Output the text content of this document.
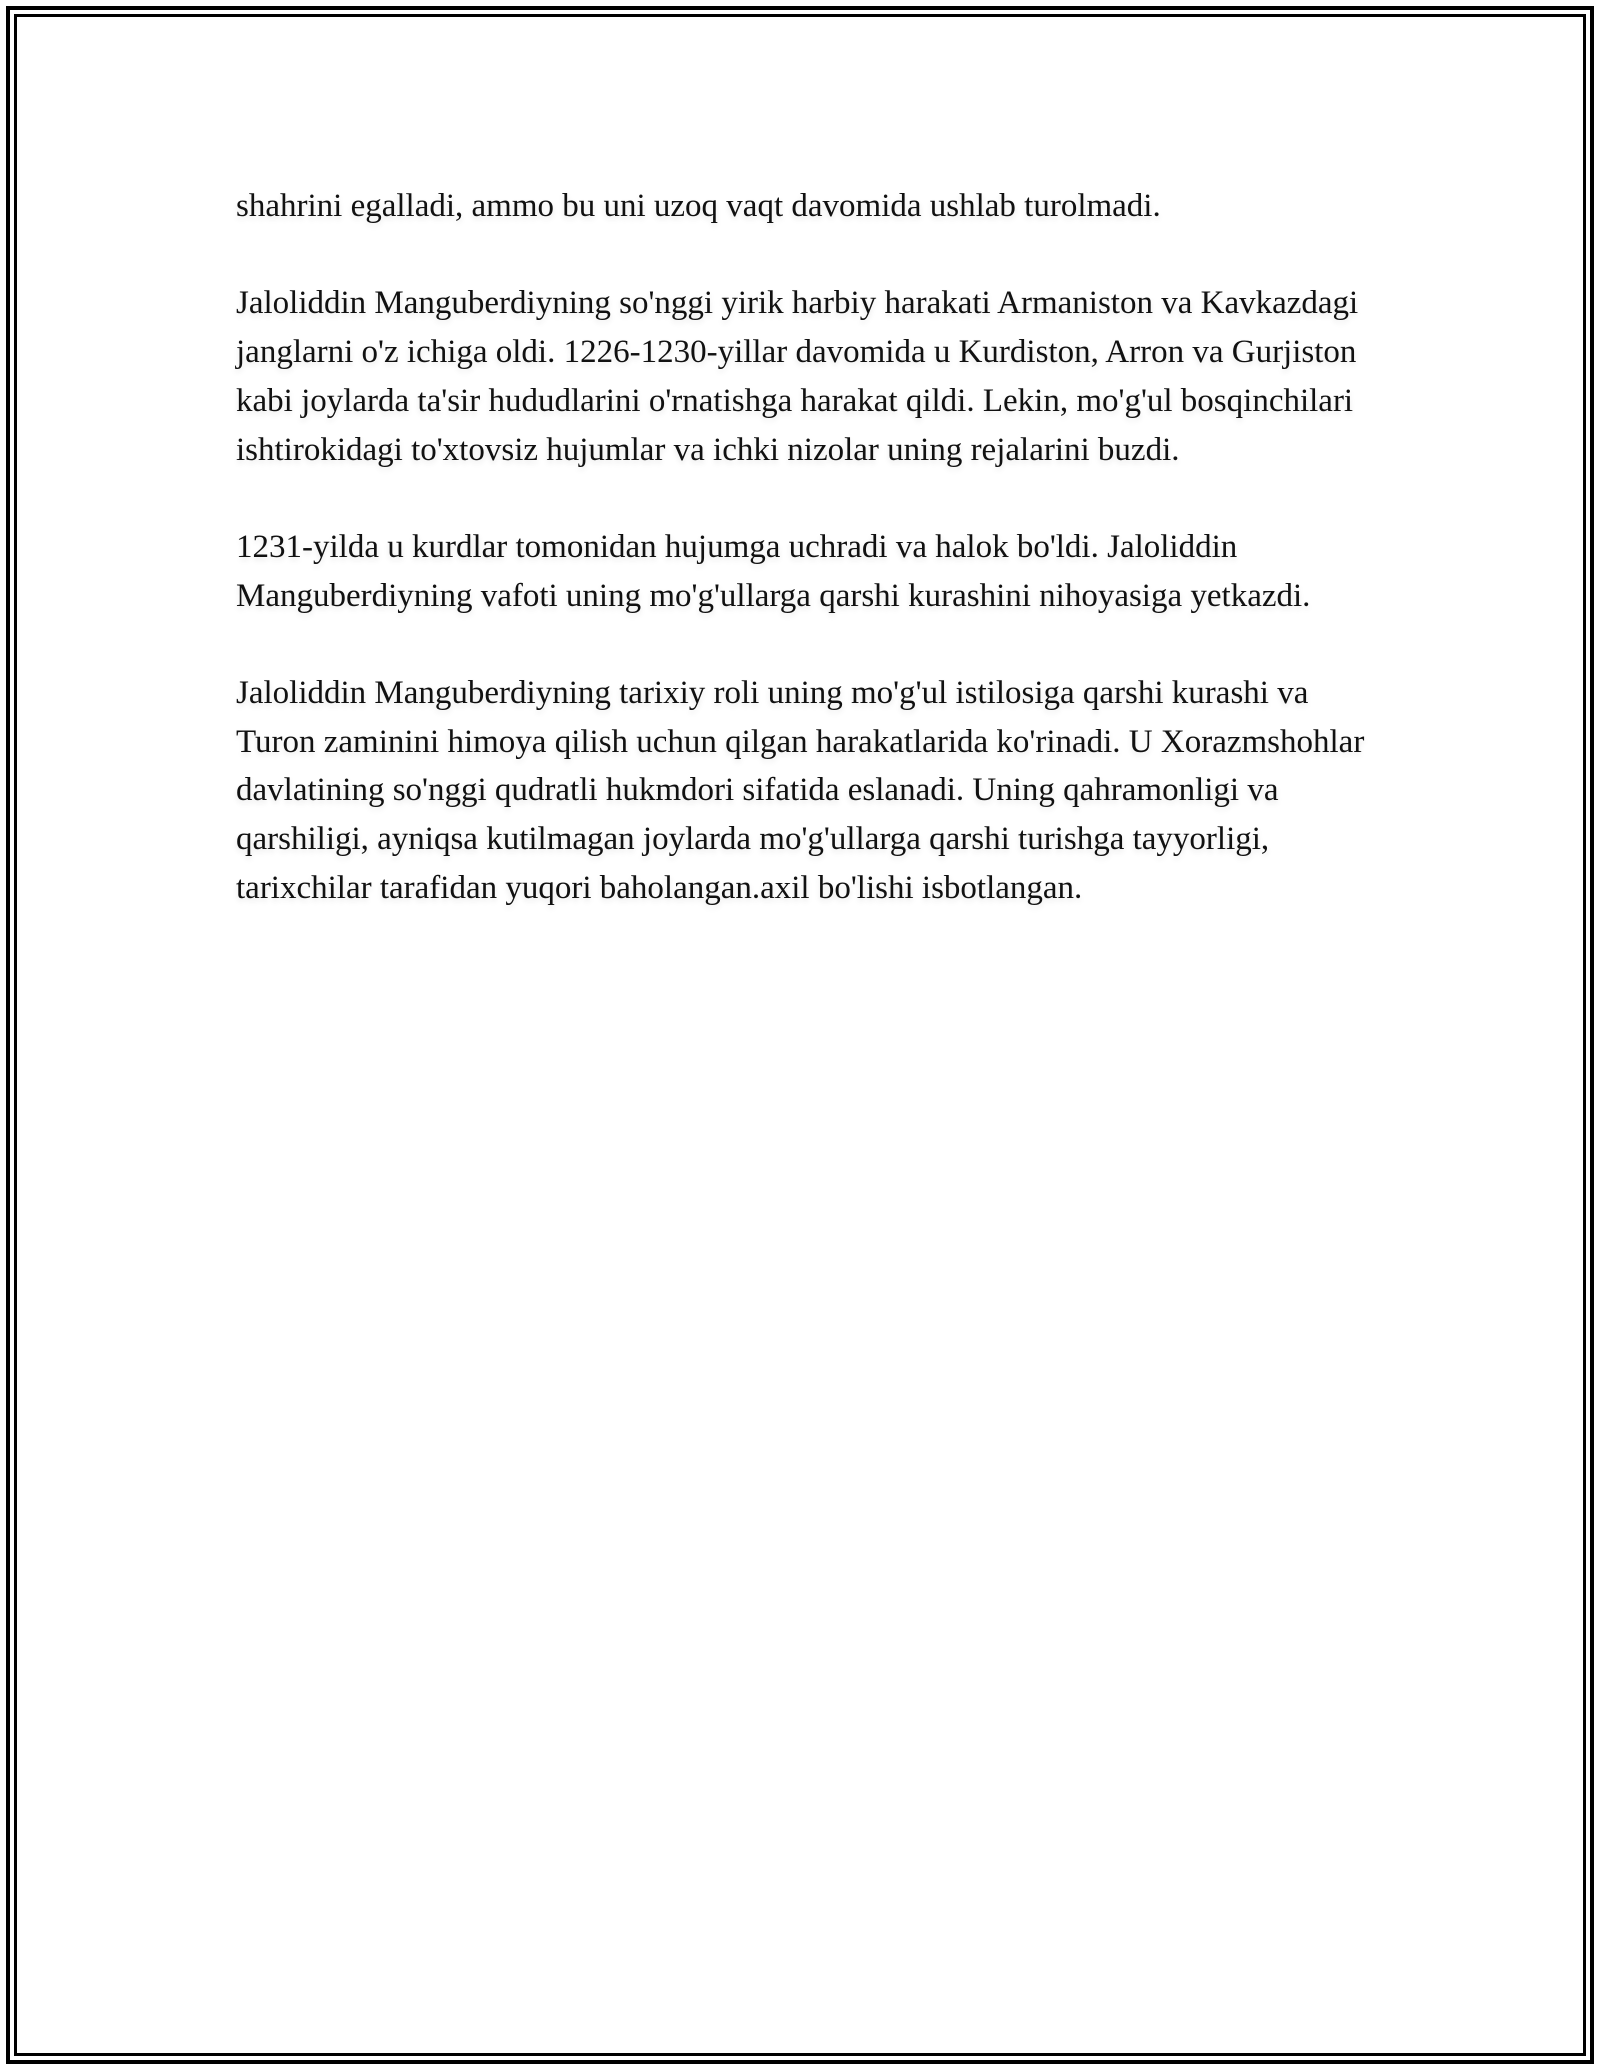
shahrini egalladi, ammo bu uni uzoq vaqt davomida ushlab turolmadi.

Jaloliddin Manguberdiyning so'nggi yirik harbiy harakati Armaniston va Kavkazdagi janglarni o'z ichiga oldi. 1226-1230-yillar davomida u Kurdiston, Arron va Gurjiston kabi joylarda ta'sir hududlarini o'rnatishga harakat qildi. Lekin, mo'g'ul bosqinchilari ishtirokidagi to'xtovsiz hujumlar va ichki nizolar uning rejalarini buzdi.

1231-yilda u kurdlar tomonidan hujumga uchradi va halok bo'ldi. Jaloliddin Manguberdiyning vafoti uning mo'g'ullarga qarshi kurashini nihoyasiga yetkazdi.

Jaloliddin Manguberdiyning tarixiy roli uning mo'g'ul istilosiga qarshi kurashi va Turon zaminini himoya qilish uchun qilgan harakatlarida ko'rinadi. U Xorazmshohlar davlatining so'nggi qudratli hukmdori sifatida eslanadi. Uning qahramonligi va qarshiligi, ayniqsa kutilmagan joylarda mo'g'ullarga qarshi turishga tayyorligi, tarixchilar tarafidan yuqori baholangan.axil bo'lishi isbotlangan.
